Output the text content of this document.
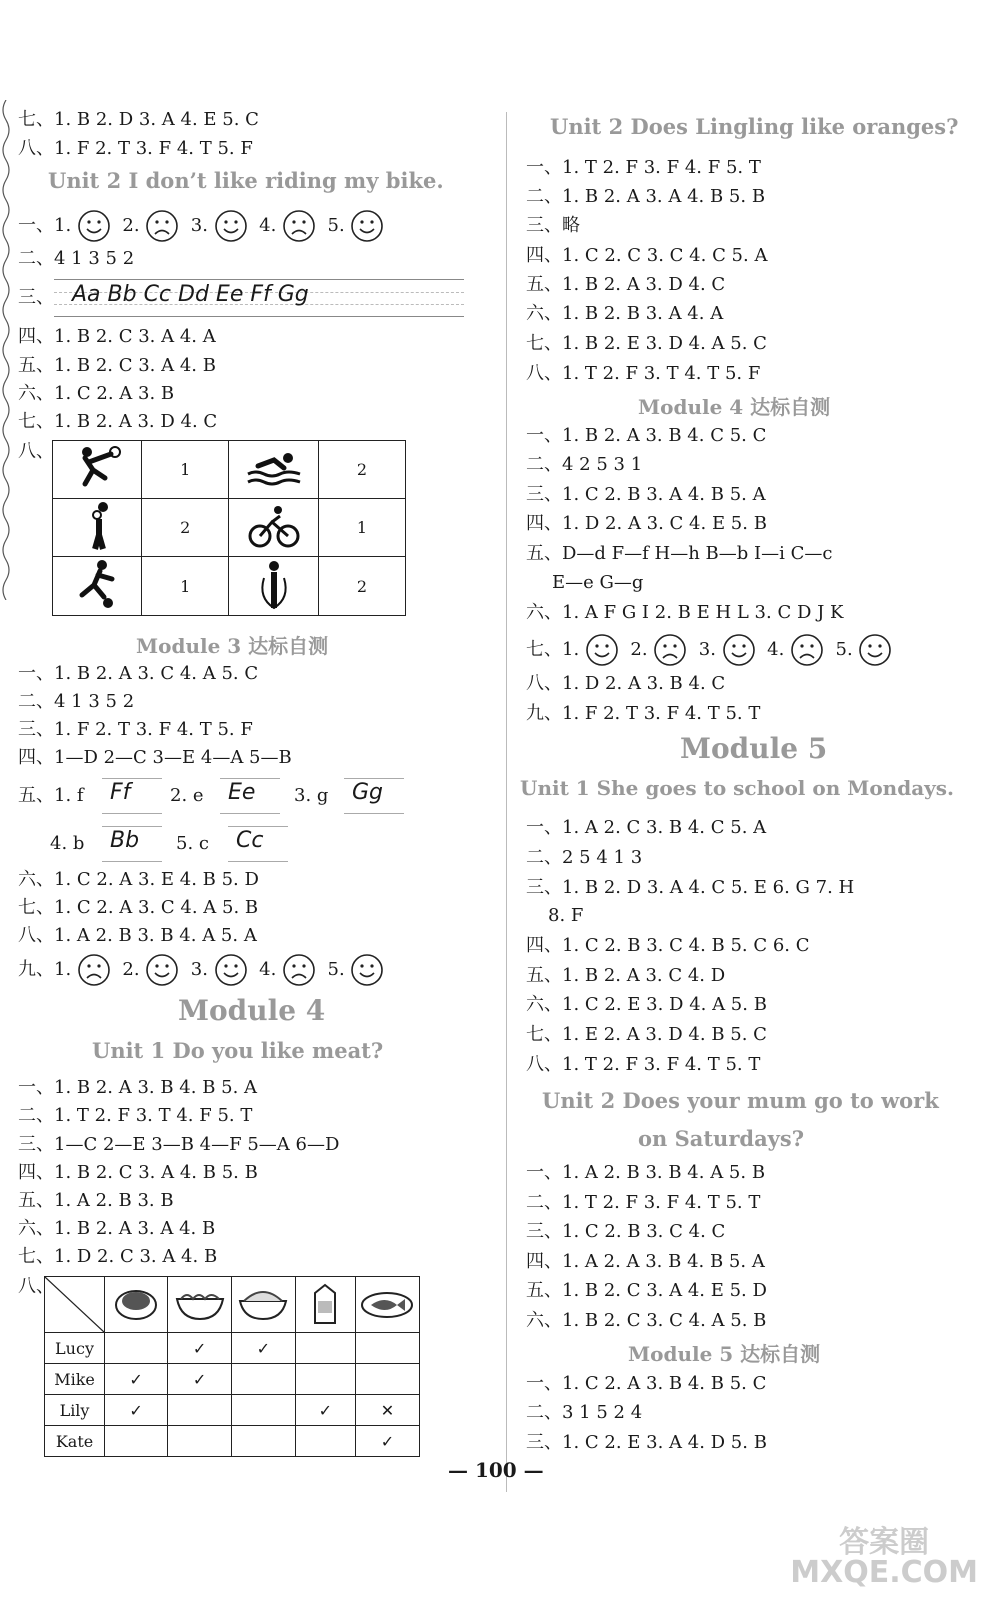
七、1. B 2. D 3. A 4. E 5. C
八、1. F 2. T 3. F 4. T 5. F
Unit 2 I don’t like riding my bike.
一、1.	2.	3.	4.	5.
二、4 1 3 5 2
三、 Aa Bb Cc Dd Ee Ff Gg
四、1. B 2. C 3. A 4. A
五、1. B 2. C 3. A 4. B
六、1. C 2. A 3. B
七、1. B 2. A 3. D 4. C
八、
	1		2
	2		1
	1		2
Module 3 达标自测
一、1. B 2. A 3. C 4. A 5. C
二、4 1 3 5 2
三、1. F 2. T 3. F 4. T 5. F
四、1—D 2—C 3—E 4—A 5—B
五、1. f Ff 2. e Ee 3. g Gg
4. b Bb 5. c Cc
六、1. C 2. A 3. E 4. B 5. D
七、1. C 2. A 3. C 4. A 5. B
八、1. A 2. B 3. B 4. A 5. A
九、1.	2.	3.	4.	5.
Module 4
Unit 1 Do you like meat?
一、1. B 2. A 3. B 4. B 5. A
二、1. T 2. F 3. T 4. F 5. T
三、1—C 2—E 3—B 4—F 5—A 6—D
四、1. B 2. C 3. A 4. B 5. B
五、1. A 2. B 3. B
六、1. B 2. A 3. A 4. B
七、1. D 2. C 3. A 4. B
八、

Lucy		✓	✓		
Mike	✓	✓			
Lily	✓			✓	✕
Kate					✓
Unit 2 Does Lingling like oranges?
一、1. T 2. F 3. F 4. F 5. T
二、1. B 2. A 3. A 4. B 5. B
三、略
四、1. C 2. C 3. C 4. C 5. A
五、1. B 2. A 3. D 4. C
六、1. B 2. B 3. A 4. A
七、1. B 2. E 3. D 4. A 5. C
八、1. T 2. F 3. T 4. T 5. F
Module 4 达标自测
一、1. B 2. A 3. B 4. C 5. C
二、4 2 5 3 1
三、1. C 2. B 3. A 4. B 5. A
四、1. D 2. A 3. C 4. E 5. B
五、D—d F—f H—h B—b I—i C—c
E—e G—g
六、1. A F G I 2. B E H L 3. C D J K
七、1.	2.	3.	4.	5.
八、1. D 2. A 3. B 4. C
九、1. F 2. T 3. F 4. T 5. T
Module 5
Unit 1 She goes to school on Mondays.
一、1. A 2. C 3. B 4. C 5. A
二、2 5 4 1 3
三、1. B 2. D 3. A 4. C 5. E 6. G 7. H
8. F
四、1. C 2. B 3. C 4. B 5. C 6. C
五、1. B 2. A 3. C 4. D
六、1. C 2. E 3. D 4. A 5. B
七、1. E 2. A 3. D 4. B 5. C
八、1. T 2. F 3. F 4. T 5. T
Unit 2 Does your mum go to work
on Saturdays?
一、1. A 2. B 3. B 4. A 5. B
二、1. T 2. F 3. F 4. T 5. T
三、1. C 2. B 3. C 4. C
四、1. A 2. A 3. B 4. B 5. A
五、1. B 2. C 3. A 4. E 5. D
六、1. B 2. C 3. C 4. A 5. B
Module 5 达标自测
一、1. C 2. A 3. B 4. B 5. C
二、3 1 5 2 4
三、1. C 2. E 3. A 4. D 5. B
— 100 —
答案圈
MXQE.COM
